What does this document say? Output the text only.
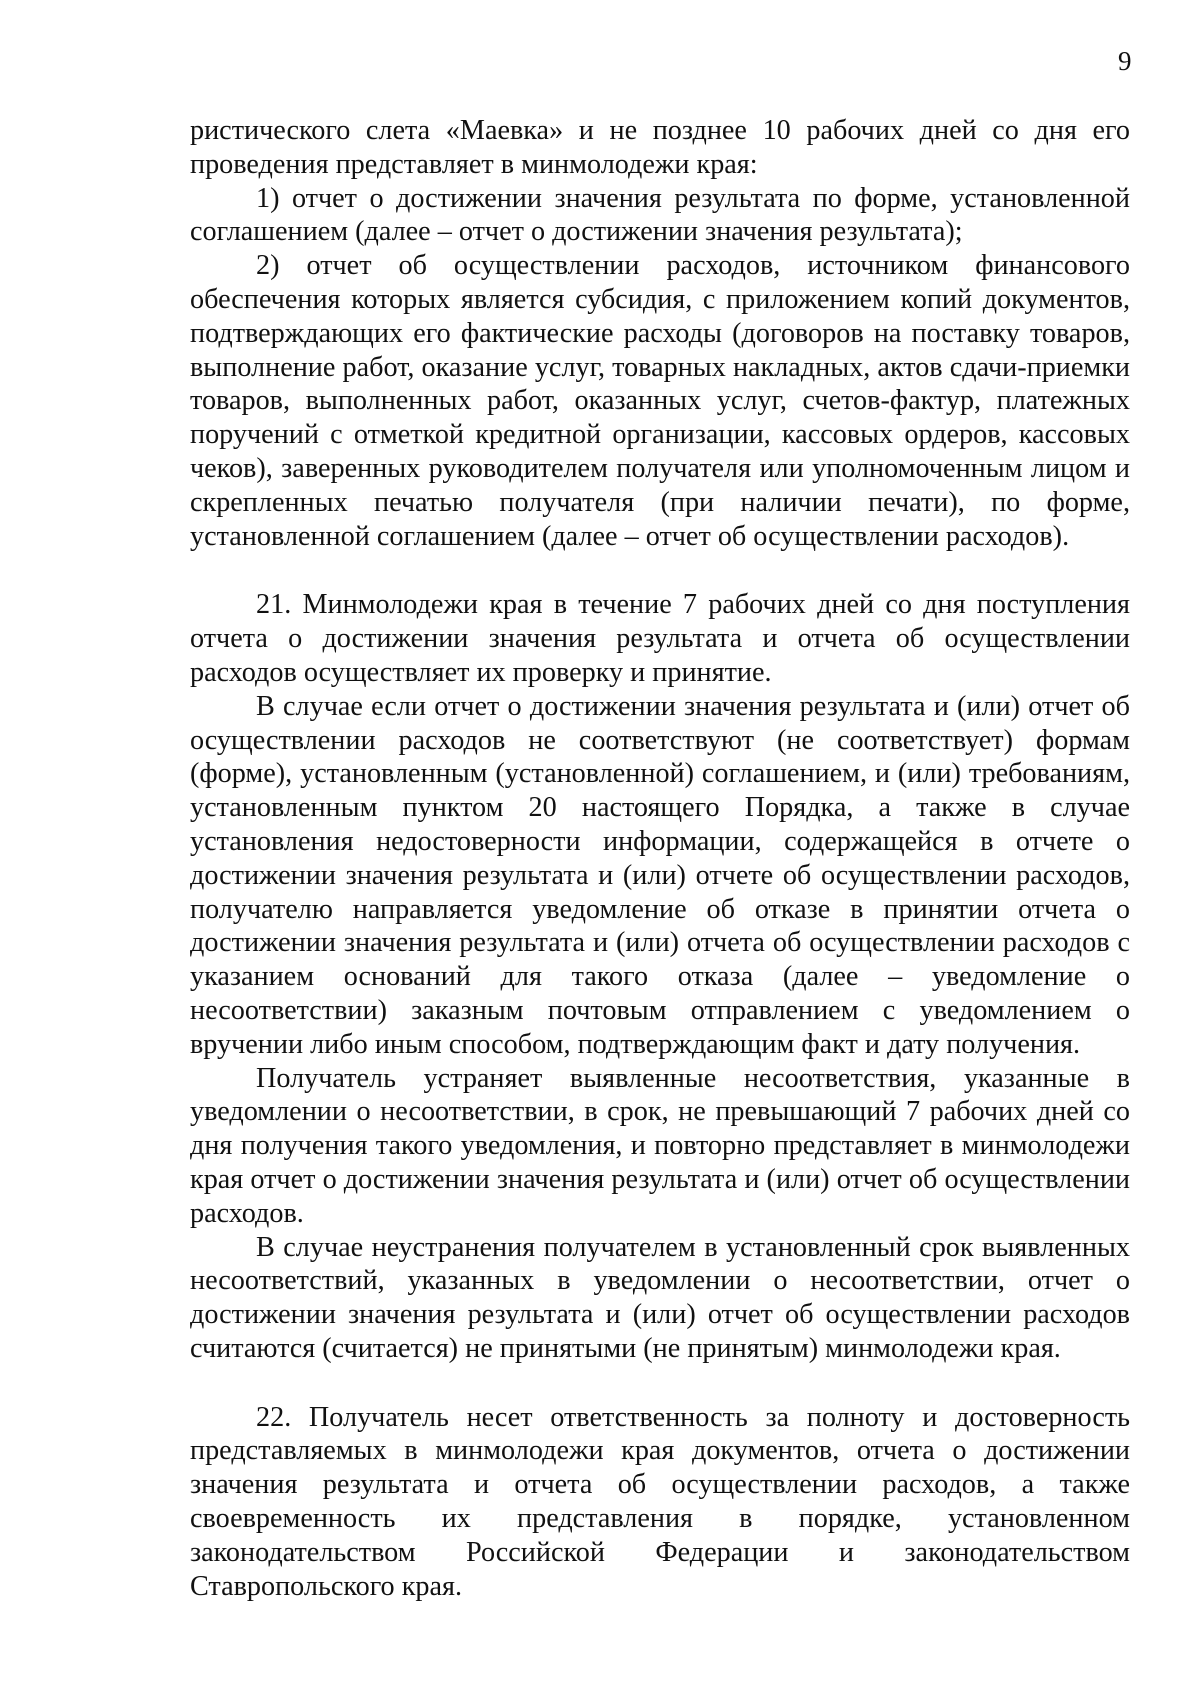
9

ристического слета «Маевка» и не позднее 10 рабочих дней со дня его проведения представляет в минмолодежи края:

1) отчет о достижении значения результата по форме, установленной соглашением (далее – отчет о достижении значения результата);

2) отчет об осуществлении расходов, источником финансового обеспечения которых является субсидия, с приложением копий документов, подтверждающих его фактические расходы (договоров на поставку товаров, выполнение работ, оказание услуг, товарных накладных, актов сдачи-приемки товаров, выполненных работ, оказанных услуг, счетов-фактур, платежных поручений с отметкой кредитной организации, кассовых ордеров, кассовых чеков), заверенных руководителем получателя или уполномоченным лицом и скрепленных печатью получателя (при наличии печати), по форме, установленной соглашением (далее – отчет об осуществлении расходов).

21. Минмолодежи края в течение 7 рабочих дней со дня поступления отчета о достижении значения результата и отчета об осуществлении расходов осуществляет их проверку и принятие.

В случае если отчет о достижении значения результата и (или) отчет об осуществлении расходов не соответствуют (не соответствует) формам (форме), установленным (установленной) соглашением, и (или) требованиям, установленным пунктом 20 настоящего Порядка, а также в случае установления недостоверности информации, содержащейся в отчете о достижении значения результата и (или) отчете об осуществлении расходов, получателю направляется уведомление об отказе в принятии отчета о достижении значения результата и (или) отчета об осуществлении расходов с указанием оснований для такого отказа (далее – уведомление о несоответствии) заказным почтовым отправлением с уведомлением о вручении либо иным способом, подтверждающим факт и дату получения.

Получатель устраняет выявленные несоответствия, указанные в уведомлении о несоответствии, в срок, не превышающий 7 рабочих дней со дня получения такого уведомления, и повторно представляет в минмолодежи края отчет о достижении значения результата и (или) отчет об осуществлении расходов.

В случае неустранения получателем в установленный срок выявленных несоответствий, указанных в уведомлении о несоответствии, отчет о достижении значения результата и (или) отчет об осуществлении расходов считаются (считается) не принятыми (не принятым) минмолодежи края.

22. Получатель несет ответственность за полноту и достоверность представляемых в минмолодежи края документов, отчета о достижении значения результата и отчета об осуществлении расходов, а также своевременность их представления в порядке, установленном законодательством Российской Федерации и законодательством Ставропольского края.
